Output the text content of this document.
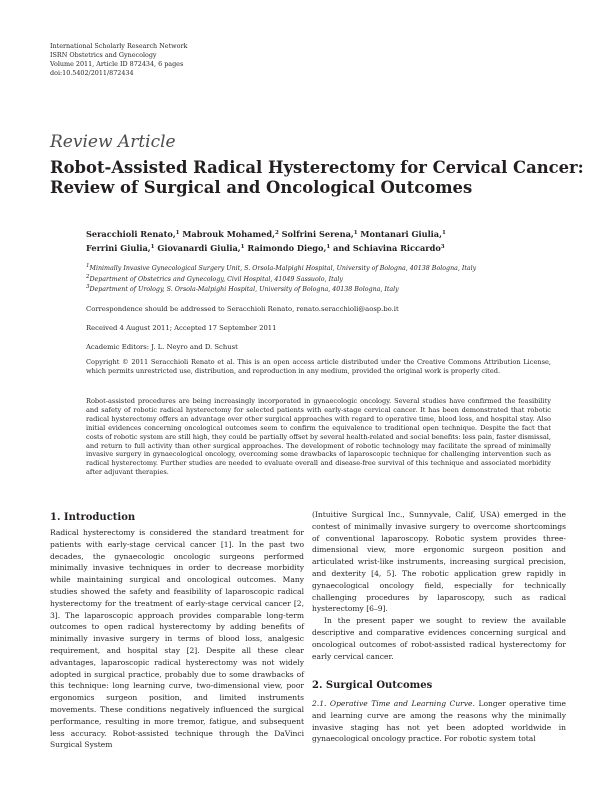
International Scholarly Research Network
ISRN Obstetrics and Gynecology
Volume 2011, Article ID 872434, 6 pages
doi:10.5402/2011/872434
Review Article
Robot-Assisted Radical Hysterectomy for Cervical Cancer:
Review of Surgical and Oncological Outcomes
Seracchioli Renato,$^1$ Mabrouk Mohamed,$^2$ Solfrini Serena,$^1$ Montanari Giulia,$^1$
Ferrini Giulia,$^1$ Giovanardi Giulia,$^1$ Raimondo Diego,$^1$ and Schiavina Riccardo$^3$
$^1$Minimally Invasive Gynecological Surgery Unit, S. Orsola-Malpighi Hospital, University of Bologna, 40138 Bologna, Italy
$^2$Department of Obstetrics and Gynecology, Civil Hospital, 41049 Sassuolo, Italy
$^3$Department of Urology, S. Orsola-Malpighi Hospital, University of Bologna, 40138 Bologna, Italy
Correspondence should be addressed to Seracchioli Renato, renato.seracchioli@aosp.bo.it
Received 4 August 2011; Accepted 17 September 2011
Academic Editors: J. L. Neyro and D. Schust

Copyright © 2011 Seracchioli Renato et al. This is an open access article distributed under the Creative Commons Attribution License, which permits unrestricted use, distribution, and reproduction in any medium, provided the original work is properly cited.

Robot-assisted procedures are being increasingly incorporated in gynaecologic oncology. Several studies have confirmed the feasibility and safety of robotic radical hysterectomy for selected patients with early-stage cervical cancer. It has been demonstrated that robotic radical hysterectomy offers an advantage over other surgical approaches with regard to operative time, blood loss, and hospital stay. Also initial evidences concerning oncological outcomes seem to confirm the equivalence to traditional open technique. Despite the fact that costs of robotic system are still high, they could be partially offset by several health-related and social benefits: less pain, faster dismissal, and return to full activity than other surgical approaches. The development of robotic technology may facilitate the spread of minimally invasive surgery in gynaecological oncology, overcoming some drawbacks of laparoscopic technique for challenging intervention such as radical hysterectomy. Further studies are needed to evaluate overall and disease-free survival of this technique and associated morbidity after adjuvant therapies.

1. Introduction

Radical hysterectomy is considered the standard treatment for patients with early-stage cervical cancer [1]. In the past two decades, the gynaecologic oncologic surgeons performed minimally invasive techniques in order to decrease morbidity while maintaining surgical and oncological outcomes. Many studies showed the safety and feasibility of laparoscopic radical hysterectomy for the treatment of early-stage cervical cancer [2, 3]. The laparoscopic approach provides comparable long-term outcomes to open radical hysterectomy by adding benefits of minimally invasive surgery in terms of blood loss, analgesic requirement, and hospital stay [2]. Despite all these clear advantages, laparoscopic radical hysterectomy was not widely adopted in surgical practice, probably due to some drawbacks of this technique: long learning curve, two-dimensional view, poor ergonomics surgeon position, and limited instruments movements. These conditions negatively influenced the surgical performance, resulting in more tremor, fatigue, and subsequent less accuracy. Robot-assisted technique through the DaVinci Surgical System

(Intuitive Surgical Inc., Sunnyvale, Calif, USA) emerged in the contest of minimally invasive surgery to overcome shortcomings of conventional laparoscopy. Robotic system provides three-dimensional view, more ergonomic surgeon position and articulated wrist-like instruments, increasing surgical precision, and dexterity [4, 5]. The robotic application grew rapidly in gynaecological oncology field, especially for technically challenging procedures by laparoscopy, such as radical hysterectomy [6–9].

In the present paper we sought to review the available descriptive and comparative evidences concerning surgical and oncological outcomes of robot-assisted radical hysterectomy for early cervical cancer.

2. Surgical Outcomes

2.1. Operative Time and Learning Curve. Longer operative time and learning curve are among the reasons why the minimally invasive staging has not yet been adopted worldwide in gynaecological oncology practice. For robotic system total
